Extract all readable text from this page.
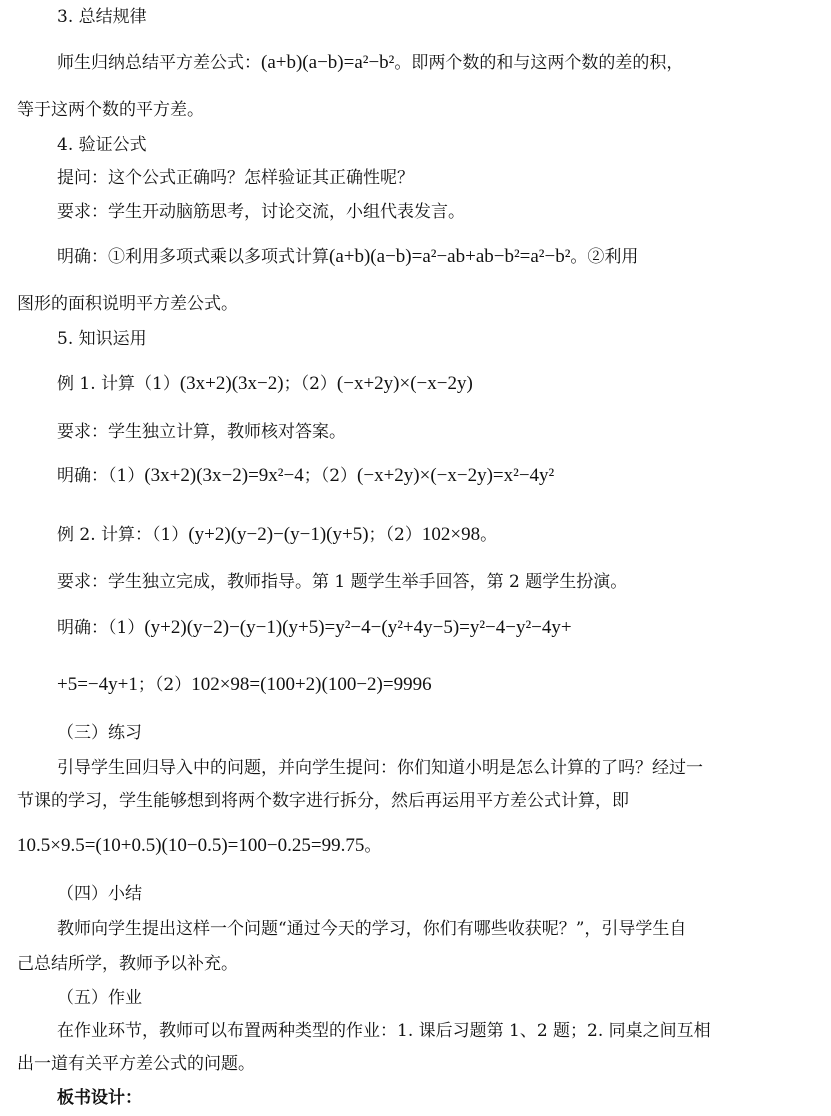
3. 总结规律
师生归纳总结平方差公式：(a+b)(a−b)=a²−b²。即两个数的和与这两个数的差的积，
等于这两个数的平方差。
4. 验证公式
提问：这个公式正确吗？怎样验证其正确性呢？
要求：学生开动脑筋思考，讨论交流，小组代表发言。
明确：①利用多项式乘以多项式计算(a+b)(a−b)=a²−ab+ab−b²=a²−b²。②利用
图形的面积说明平方差公式。
5. 知识运用
例 1. 计算（1）(3x+2)(3x−2)；（2）(−x+2y)×(−x−2y)
要求：学生独立计算，教师核对答案。
明确：（1）(3x+2)(3x−2)=9x²−4；（2）(−x+2y)×(−x−2y)=x²−4y²
例 2. 计算：（1）(y+2)(y−2)−(y−1)(y+5)；（2）102×98。
要求：学生独立完成，教师指导。第 1 题学生举手回答，第 2 题学生扮演。
明确：（1）(y+2)(y−2)−(y−1)(y+5)=y²−4−(y²+4y−5)=y²−4−y²−4y+
+5=−4y+1；（2）102×98=(100+2)(100−2)=9996
（三）练习
引导学生回归导入中的问题，并向学生提问：你们知道小明是怎么计算的了吗？经过一
节课的学习，学生能够想到将两个数字进行拆分，然后再运用平方差公式计算，即
10.5×9.5=(10+0.5)(10−0.5)=100−0.25=99.75。
（四）小结
教师向学生提出这样一个问题“通过今天的学习，你们有哪些收获呢？”，引导学生自
己总结所学，教师予以补充。
（五）作业
在作业环节，教师可以布置两种类型的作业：1. 课后习题第 1、2 题；2. 同桌之间互相
出一道有关平方差公式的问题。
板书设计：
